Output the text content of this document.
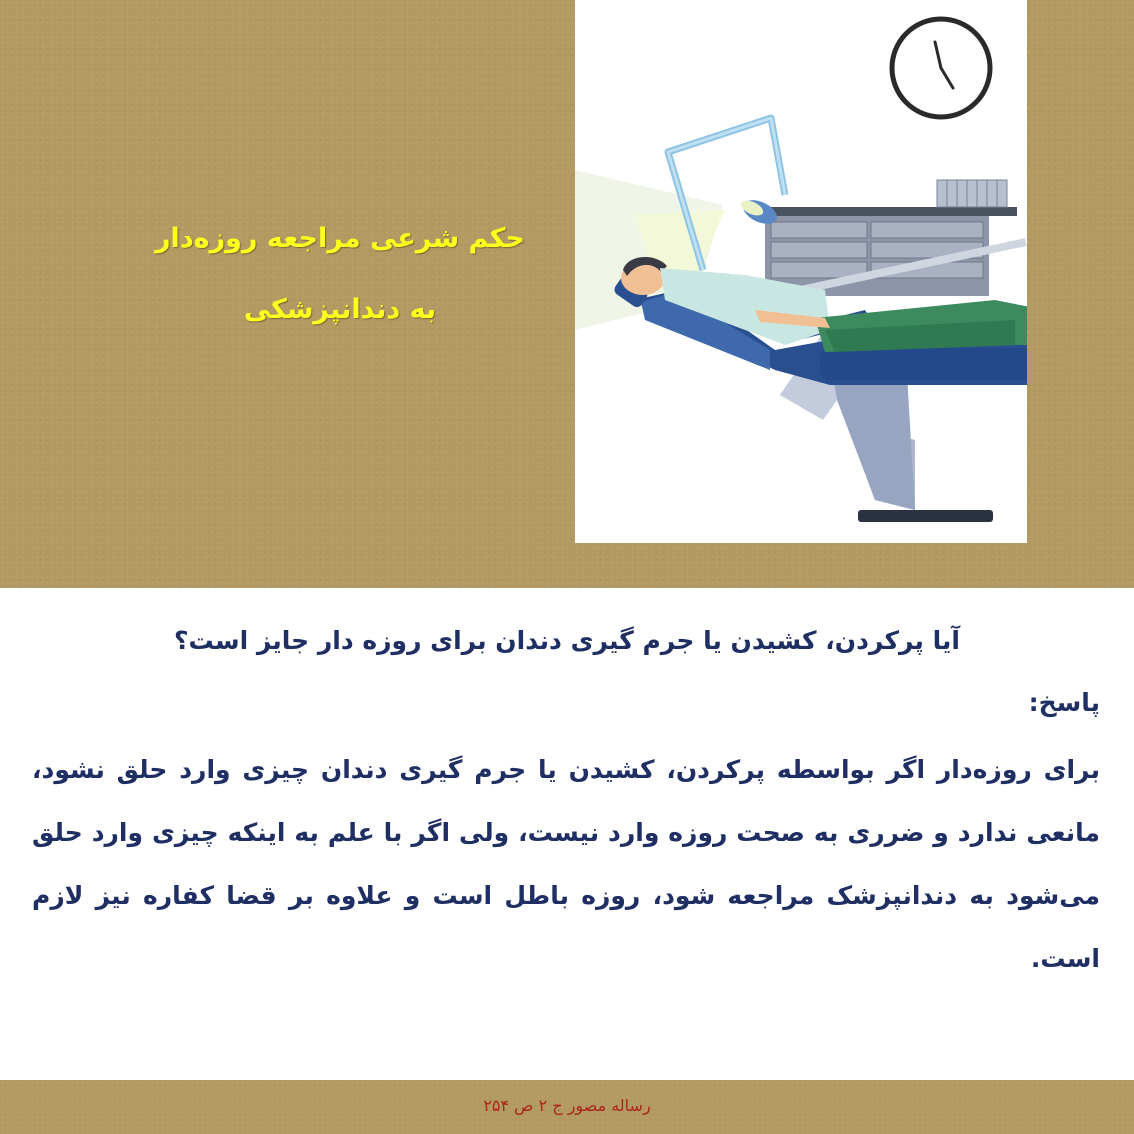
حکم شرعی مراجعه روزه‌دار
به دندانپزشکی
آیا پرکردن، کشیدن یا جرم گیری دندان برای روزه دار جایز است؟
پاسخ:
برای روزه‌دار اگر بواسطه پرکردن، کشیدن یا جرم گیری دندان چیزی وارد حلق نشود، مانعی ندارد و ضرری به صحت روزه وارد نیست، ولی اگر با علم به اینکه چیزی وارد حلق می‌شود به دندانپزشک مراجعه شود، روزه باطل است و علاوه بر قضا کفاره نیز لازم است.
رساله مصور ج ۲ ص ۲۵۴
